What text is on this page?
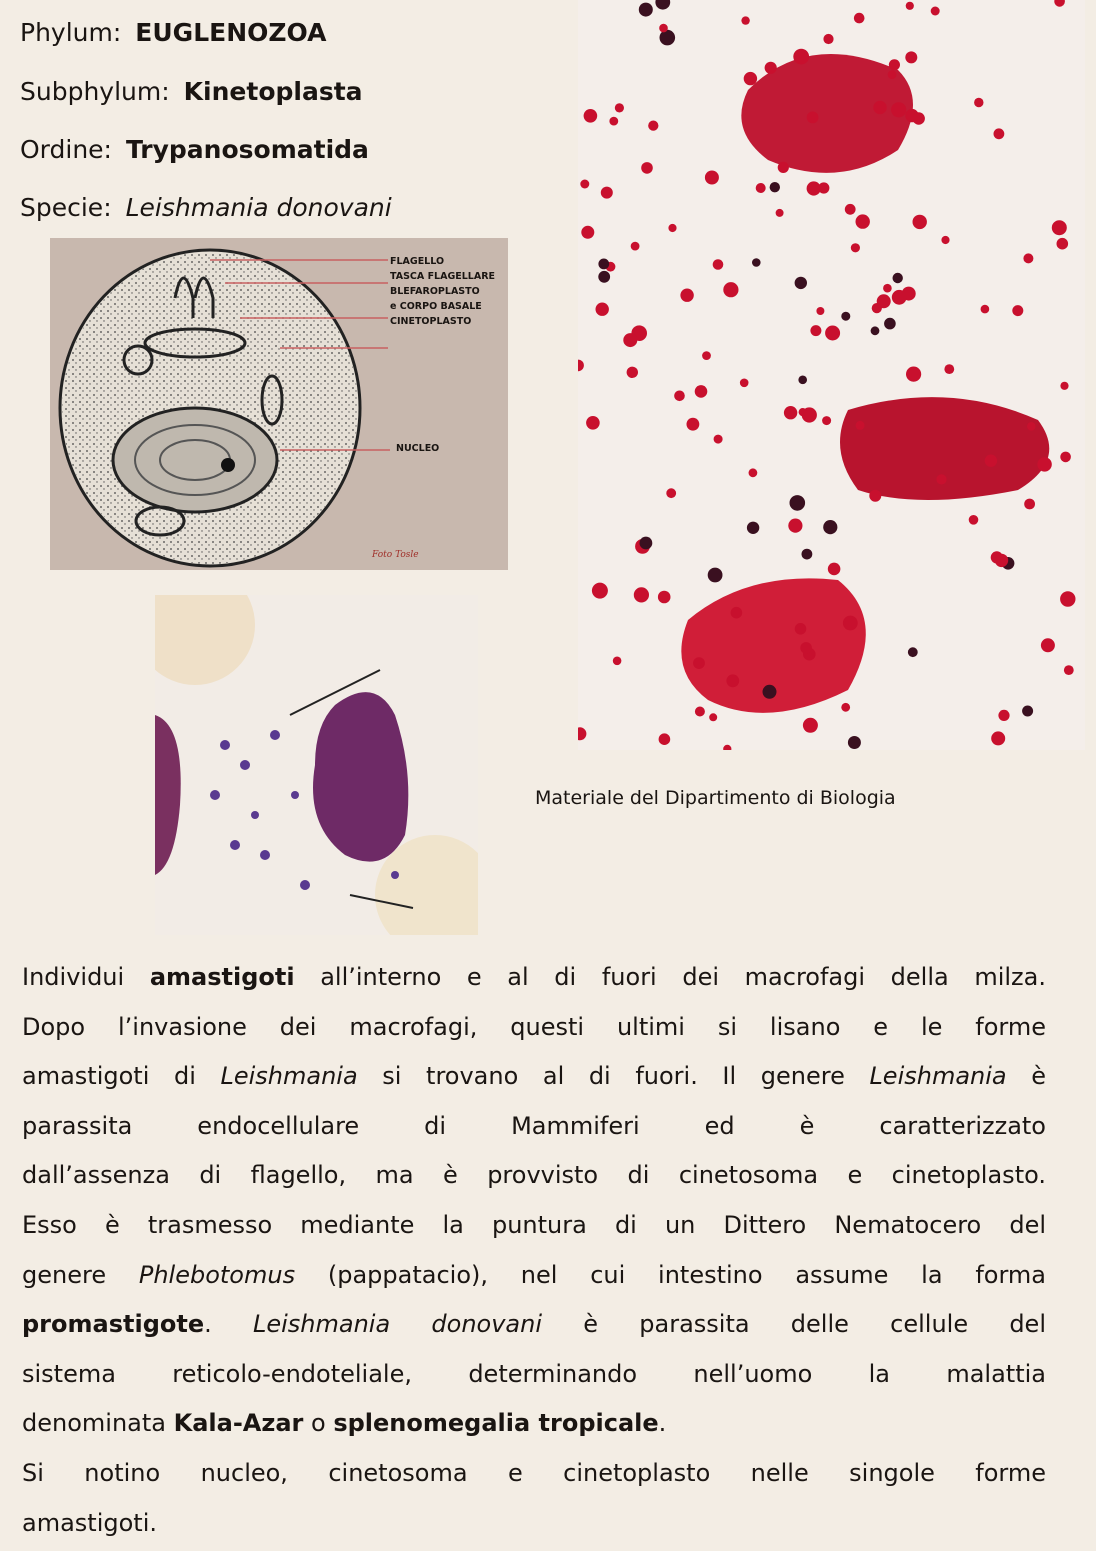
Phylum: EUGLENOZOA
Subphylum: Kinetoplasta
Ordine: Trypanosomatida
Specie: Leishmania donovani
FLAGELLO
TASCA FLAGELLARE
BLEFAROPLASTO
e CORPO BASALE
CINETOPLASTO
NUCLEO
Foto Tosle
Materiale del Dipartimento di Biologia
Individui amastigoti all’interno e al di fuori dei macrofagi della milza.
Dopo l’invasione dei macrofagi, questi ultimi si lisano e le forme
amastigoti di Leishmania si trovano al di fuori. Il genere Leishmania è
parassita endocellulare di Mammiferi ed è caratterizzato
dall’assenza di flagello, ma è provvisto di cinetosoma e cinetoplasto.
Esso è trasmesso mediante la puntura di un Dittero Nematocero del
genere Phlebotomus (pappatacio), nel cui intestino assume la forma
promastigote. Leishmania donovani è parassita delle cellule del
sistema reticolo-endoteliale, determinando nell’uomo la malattia
denominata Kala-Azar o splenomegalia tropicale.
Si notino nucleo, cinetosoma e cinetoplasto nelle singole forme
amastigoti.
